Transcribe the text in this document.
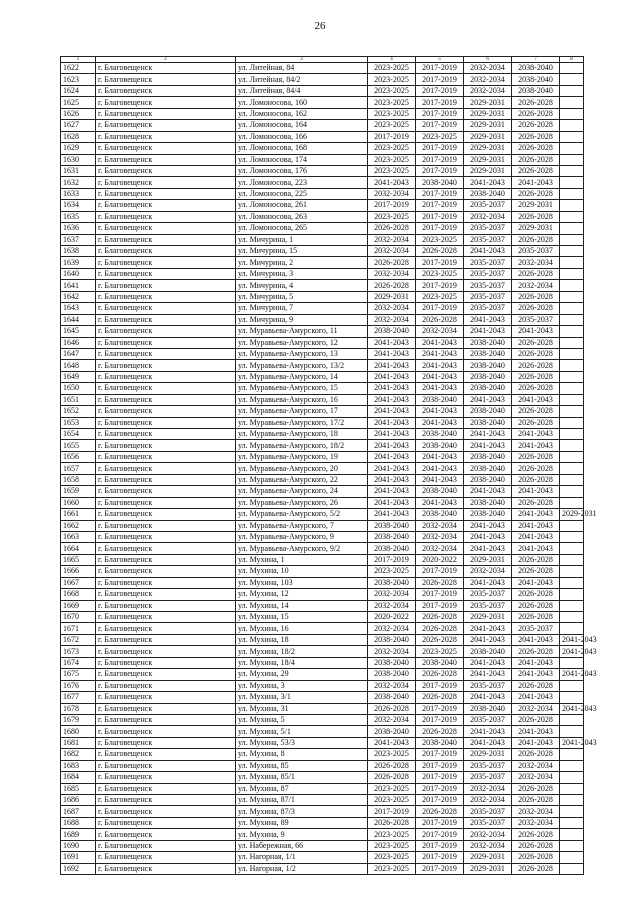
26
1	2	3	4	5	6	7	8
1622	г. Благовещенск	ул. Литейная, 84	2023-2025	2017-2019	2032-2034	2038-2040	
1623	г. Благовещенск	ул. Литейная, 84/2	2023-2025	2017-2019	2032-2034	2038-2040	
1624	г. Благовещенск	ул. Литейная, 84/4	2023-2025	2017-2019	2032-2034	2038-2040	
1625	г. Благовещенск	ул. Ломоносова, 160	2023-2025	2017-2019	2029-2031	2026-2028	
1626	г. Благовещенск	ул. Ломоносова, 162	2023-2025	2017-2019	2029-2031	2026-2028	
1627	г. Благовещенск	ул. Ломоносова, 164	2023-2025	2017-2019	2029-2031	2026-2028	
1628	г. Благовещенск	ул. Ломоносова, 166	2017-2019	2023-2025	2029-2031	2026-2028	
1629	г. Благовещенск	ул. Ломоносова, 168	2023-2025	2017-2019	2029-2031	2026-2028	
1630	г. Благовещенск	ул. Ломоносова, 174	2023-2025	2017-2019	2029-2031	2026-2028	
1631	г. Благовещенск	ул. Ломоносова, 176	2023-2025	2017-2019	2029-2031	2026-2028	
1632	г. Благовещенск	ул. Ломоносова, 223	2041-2043	2038-2040	2041-2043	2041-2043	
1633	г. Благовещенск	ул. Ломоносова, 225	2032-2034	2017-2019	2038-2040	2026-2028	
1634	г. Благовещенск	ул. Ломоносова, 261	2017-2019	2017-2019	2035-2037	2029-2031	
1635	г. Благовещенск	ул. Ломоносова, 263	2023-2025	2017-2019	2032-2034	2026-2028	
1636	г. Благовещенск	ул. Ломоносова, 265	2026-2028	2017-2019	2035-2037	2029-2031	
1637	г. Благовещенск	ул. Мичурина, 1	2032-2034	2023-2025	2035-2037	2026-2028	
1638	г. Благовещенск	ул. Мичурина, 15	2032-2034	2026-2028	2041-2043	2035-2037	
1639	г. Благовещенск	ул. Мичурина, 2	2026-2028	2017-2019	2035-2037	2032-2034	
1640	г. Благовещенск	ул. Мичурина, 3	2032-2034	2023-2025	2035-2037	2026-2028	
1641	г. Благовещенск	ул. Мичурина, 4	2026-2028	2017-2019	2035-2037	2032-2034	
1642	г. Благовещенск	ул. Мичурина, 5	2029-2031	2023-2025	2035-2037	2026-2028	
1643	г. Благовещенск	ул. Мичурина, 7	2032-2034	2017-2019	2035-2037	2026-2028	
1644	г. Благовещенск	ул. Мичурина, 9	2032-2034	2026-2028	2041-2043	2035-2037	
1645	г. Благовещенск	ул. Муравьева-Амурского, 11	2038-2040	2032-2034	2041-2043	2041-2043	
1646	г. Благовещенск	ул. Муравьева-Амурского, 12	2041-2043	2041-2043	2038-2040	2026-2028	
1647	г. Благовещенск	ул. Муравьева-Амурского, 13	2041-2043	2041-2043	2038-2040	2026-2028	
1648	г. Благовещенск	ул. Муравьева-Амурского, 13/2	2041-2043	2041-2043	2038-2040	2026-2028	
1649	г. Благовещенск	ул. Муравьева-Амурского, 14	2041-2043	2041-2043	2038-2040	2026-2028	
1650	г. Благовещенск	ул. Муравьева-Амурского, 15	2041-2043	2041-2043	2038-2040	2026-2028	
1651	г. Благовещенск	ул. Муравьева-Амурского, 16	2041-2043	2038-2040	2041-2043	2041-2043	
1652	г. Благовещенск	ул. Муравьева-Амурского, 17	2041-2043	2041-2043	2038-2040	2026-2028	
1653	г. Благовещенск	ул. Муравьева-Амурского, 17/2	2041-2043	2041-2043	2038-2040	2026-2028	
1654	г. Благовещенск	ул. Муравьева-Амурского, 18	2041-2043	2038-2040	2041-2043	2041-2043	
1655	г. Благовещенск	ул. Муравьева-Амурского, 18/2	2041-2043	2038-2040	2041-2043	2041-2043	
1656	г. Благовещенск	ул. Муравьева-Амурского, 19	2041-2043	2041-2043	2038-2040	2026-2028	
1657	г. Благовещенск	ул. Муравьева-Амурского, 20	2041-2043	2041-2043	2038-2040	2026-2028	
1658	г. Благовещенск	ул. Муравьева-Амурского, 22	2041-2043	2041-2043	2038-2040	2026-2028	
1659	г. Благовещенск	ул. Муравьева-Амурского, 24	2041-2043	2038-2040	2041-2043	2041-2043	
1660	г. Благовещенск	ул. Муравьева-Амурского, 26	2041-2043	2041-2043	2038-2040	2026-2028	
1661	г. Благовещенск	ул. Муравьева-Амурского, 5/2	2041-2043	2038-2040	2038-2040	2041-2043	2029-2031
1662	г. Благовещенск	ул. Муравьева-Амурского, 7	2038-2040	2032-2034	2041-2043	2041-2043	
1663	г. Благовещенск	ул. Муравьева-Амурского, 9	2038-2040	2032-2034	2041-2043	2041-2043	
1664	г. Благовещенск	ул. Муравьева-Амурского, 9/2	2038-2040	2032-2034	2041-2043	2041-2043	
1665	г. Благовещенск	ул. Мухина, 1	2017-2019	2020-2022	2029-2031	2026-2028	
1666	г. Благовещенск	ул. Мухина, 10	2023-2025	2017-2019	2032-2034	2026-2028	
1667	г. Благовещенск	ул. Мухина, 103	2038-2040	2026-2028	2041-2043	2041-2043	
1668	г. Благовещенск	ул. Мухина, 12	2032-2034	2017-2019	2035-2037	2026-2028	
1669	г. Благовещенск	ул. Мухина, 14	2032-2034	2017-2019	2035-2037	2026-2028	
1670	г. Благовещенск	ул. Мухина, 15	2020-2022	2026-2028	2029-2031	2026-2028	
1671	г. Благовещенск	ул. Мухина, 16	2032-2034	2026-2028	2041-2043	2035-2037	
1672	г. Благовещенск	ул. Мухина, 18	2038-2040	2026-2028	2041-2043	2041-2043	2041-2043
1673	г. Благовещенск	ул. Мухина, 18/2	2032-2034	2023-2025	2038-2040	2026-2028	2041-2043
1674	г. Благовещенск	ул. Мухина, 18/4	2038-2040	2038-2040	2041-2043	2041-2043	
1675	г. Благовещенск	ул. Мухина, 29	2038-2040	2026-2028	2041-2043	2041-2043	2041-2043
1676	г. Благовещенск	ул. Мухина, 3	2032-2034	2017-2019	2035-2037	2026-2028	
1677	г. Благовещенск	ул. Мухина, 3/1	2038-2040	2026-2028	2041-2043	2041-2043	
1678	г. Благовещенск	ул. Мухина, 31	2026-2028	2017-2019	2038-2040	2032-2034	2041-2043
1679	г. Благовещенск	ул. Мухина, 5	2032-2034	2017-2019	2035-2037	2026-2028	
1680	г. Благовещенск	ул. Мухина, 5/1	2038-2040	2026-2028	2041-2043	2041-2043	
1681	г. Благовещенск	ул. Мухина, 53/3	2041-2043	2038-2040	2041-2043	2041-2043	2041-2043
1682	г. Благовещенск	ул. Мухина, 8	2023-2025	2017-2019	2029-2031	2026-2028	
1683	г. Благовещенск	ул. Мухина, 85	2026-2028	2017-2019	2035-2037	2032-2034	
1684	г. Благовещенск	ул. Мухина, 85/1	2026-2028	2017-2019	2035-2037	2032-2034	
1685	г. Благовещенск	ул. Мухина, 87	2023-2025	2017-2019	2032-2034	2026-2028	
1686	г. Благовещенск	ул. Мухина, 87/1	2023-2025	2017-2019	2032-2034	2026-2028	
1687	г. Благовещенск	ул. Мухина, 87/3	2017-2019	2026-2028	2035-2037	2032-2034	
1688	г. Благовещенск	ул. Мухина, 89	2026-2028	2017-2019	2035-2037	2032-2034	
1689	г. Благовещенск	ул. Мухина, 9	2023-2025	2017-2019	2032-2034	2026-2028	
1690	г. Благовещенск	ул. Набережная, 66	2023-2025	2017-2019	2032-2034	2026-2028	
1691	г. Благовещенск	ул. Нагорная, 1/1	2023-2025	2017-2019	2029-2031	2026-2028	
1692	г. Благовещенск	ул. Нагорная, 1/2	2023-2025	2017-2019	2029-2031	2026-2028	
